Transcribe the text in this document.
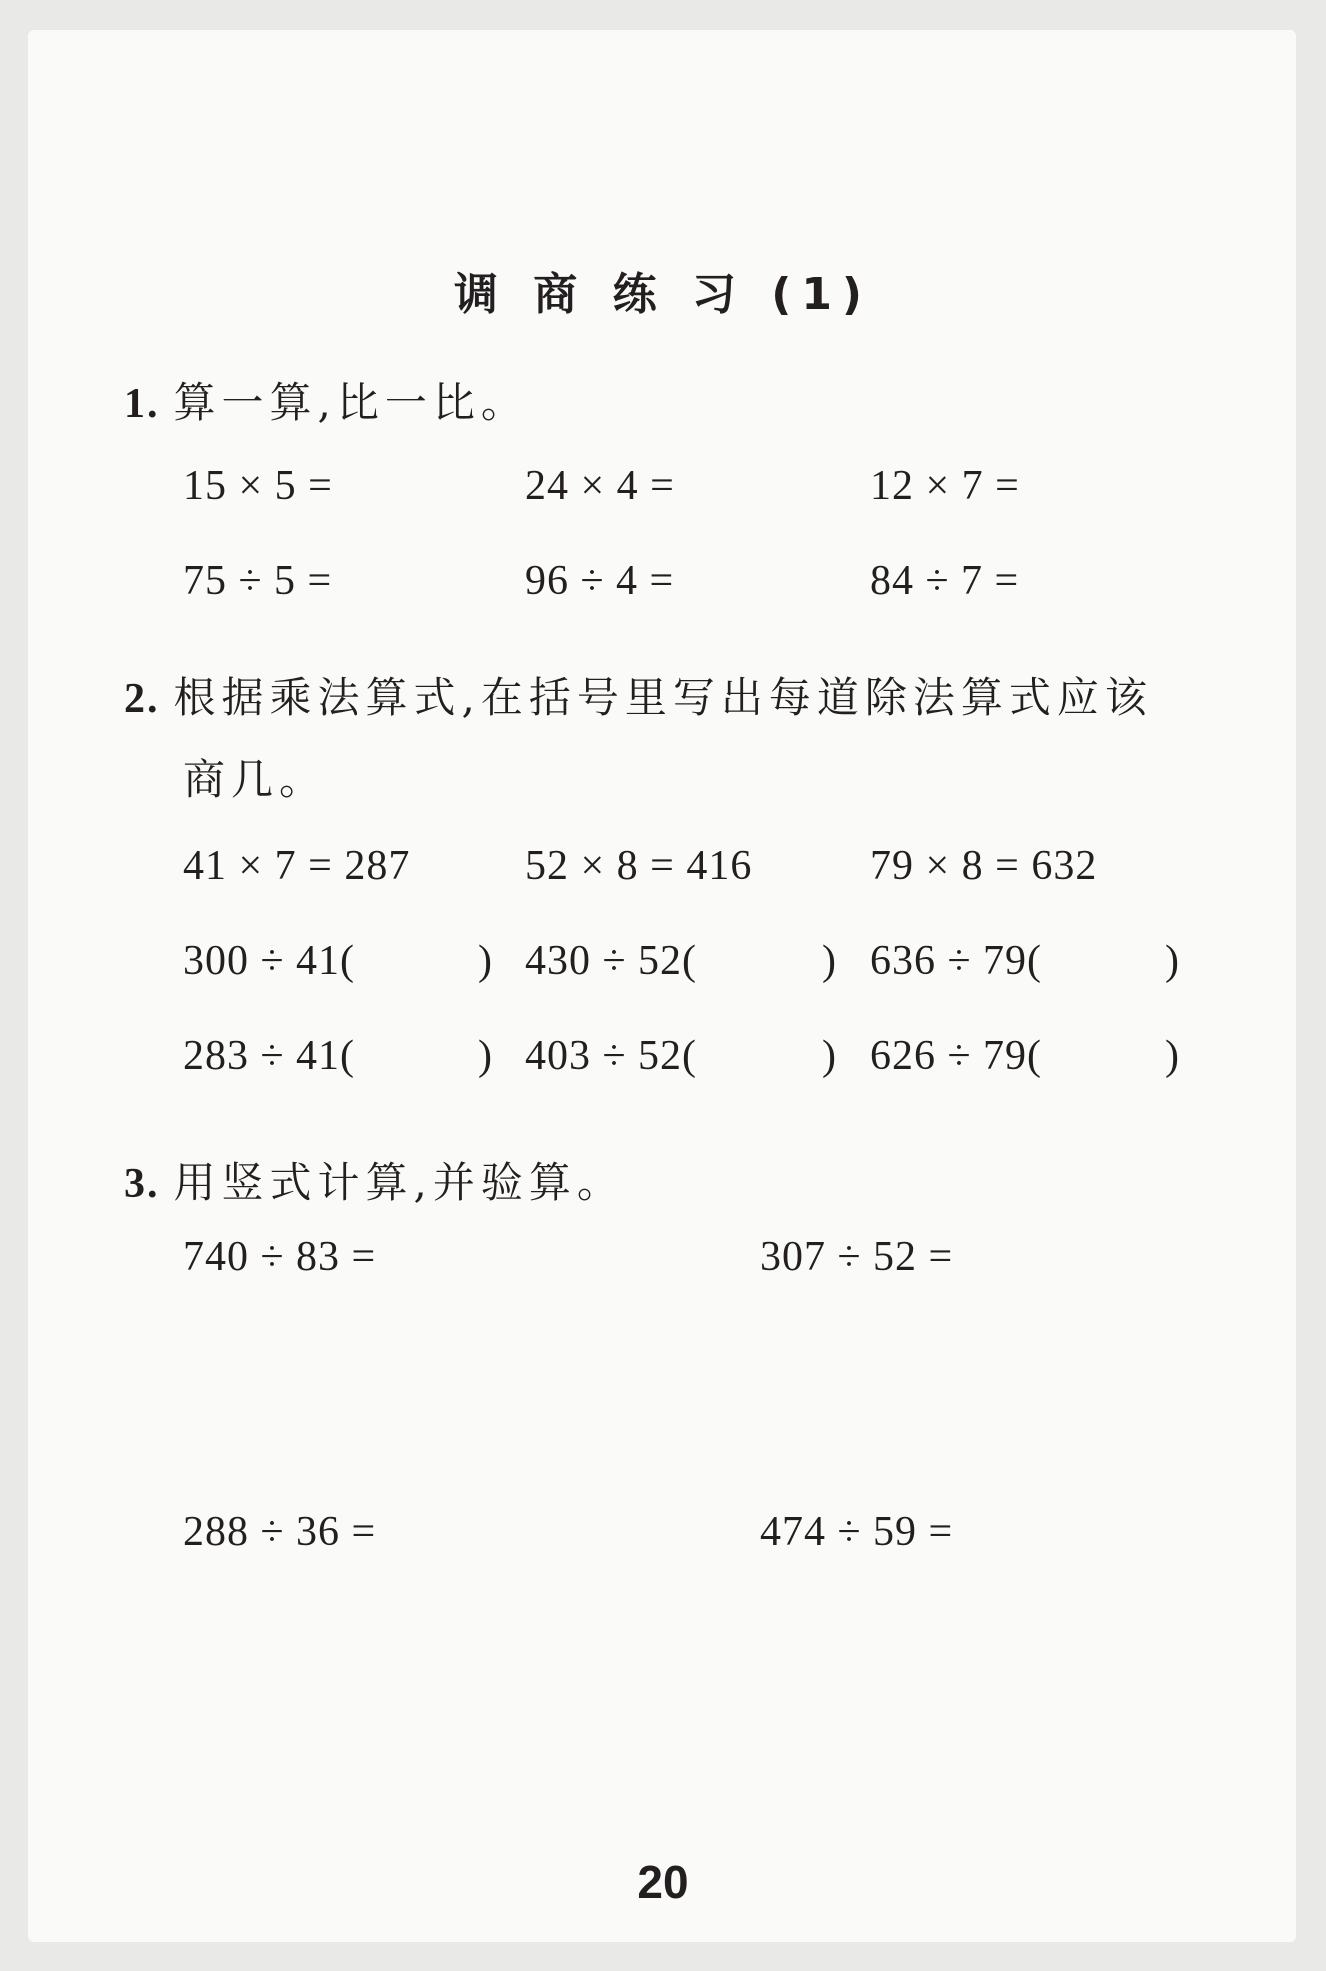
调 商 练 习 (1)
1. 算一算,比一比。
15 × 5 =	24 × 4 =	12 × 7 =
75 ÷ 5 =	96 ÷ 4 =	84 ÷ 7 =
2. 根据乘法算式,在括号里写出每道除法算式应该
商几。
41 × 7 = 287	52 × 8 = 416	79 × 8 = 632
300 ÷ 41(	) 430 ÷ 52(	) 636 ÷ 79(	)
283 ÷ 41(	) 403 ÷ 52(	) 626 ÷ 79(	)
3. 用竖式计算,并验算。
740 ÷ 83 =	307 ÷ 52 =
288 ÷ 36 =	474 ÷ 59 =
20
